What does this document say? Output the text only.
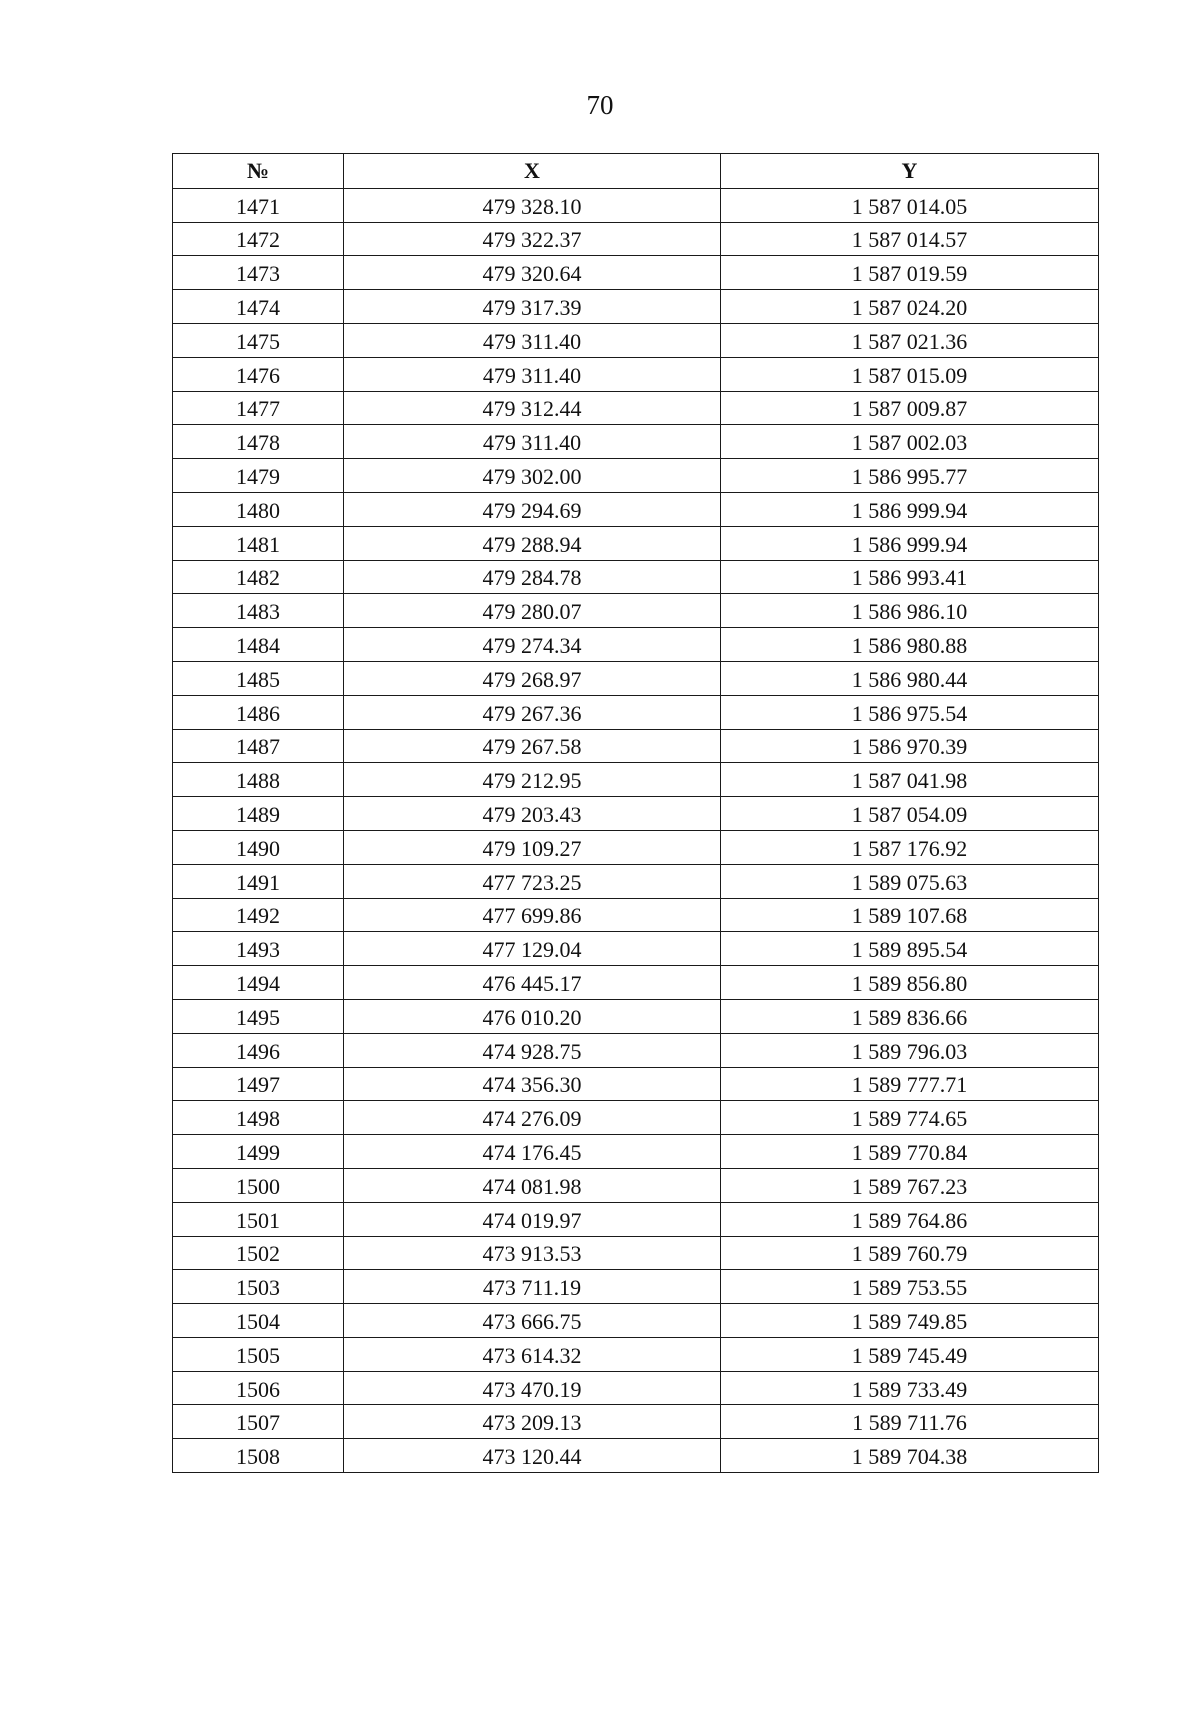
70
№	X	Y
1471	479 328.10	1 587 014.05
1472	479 322.37	1 587 014.57
1473	479 320.64	1 587 019.59
1474	479 317.39	1 587 024.20
1475	479 311.40	1 587 021.36
1476	479 311.40	1 587 015.09
1477	479 312.44	1 587 009.87
1478	479 311.40	1 587 002.03
1479	479 302.00	1 586 995.77
1480	479 294.69	1 586 999.94
1481	479 288.94	1 586 999.94
1482	479 284.78	1 586 993.41
1483	479 280.07	1 586 986.10
1484	479 274.34	1 586 980.88
1485	479 268.97	1 586 980.44
1486	479 267.36	1 586 975.54
1487	479 267.58	1 586 970.39
1488	479 212.95	1 587 041.98
1489	479 203.43	1 587 054.09
1490	479 109.27	1 587 176.92
1491	477 723.25	1 589 075.63
1492	477 699.86	1 589 107.68
1493	477 129.04	1 589 895.54
1494	476 445.17	1 589 856.80
1495	476 010.20	1 589 836.66
1496	474 928.75	1 589 796.03
1497	474 356.30	1 589 777.71
1498	474 276.09	1 589 774.65
1499	474 176.45	1 589 770.84
1500	474 081.98	1 589 767.23
1501	474 019.97	1 589 764.86
1502	473 913.53	1 589 760.79
1503	473 711.19	1 589 753.55
1504	473 666.75	1 589 749.85
1505	473 614.32	1 589 745.49
1506	473 470.19	1 589 733.49
1507	473 209.13	1 589 711.76
1508	473 120.44	1 589 704.38
